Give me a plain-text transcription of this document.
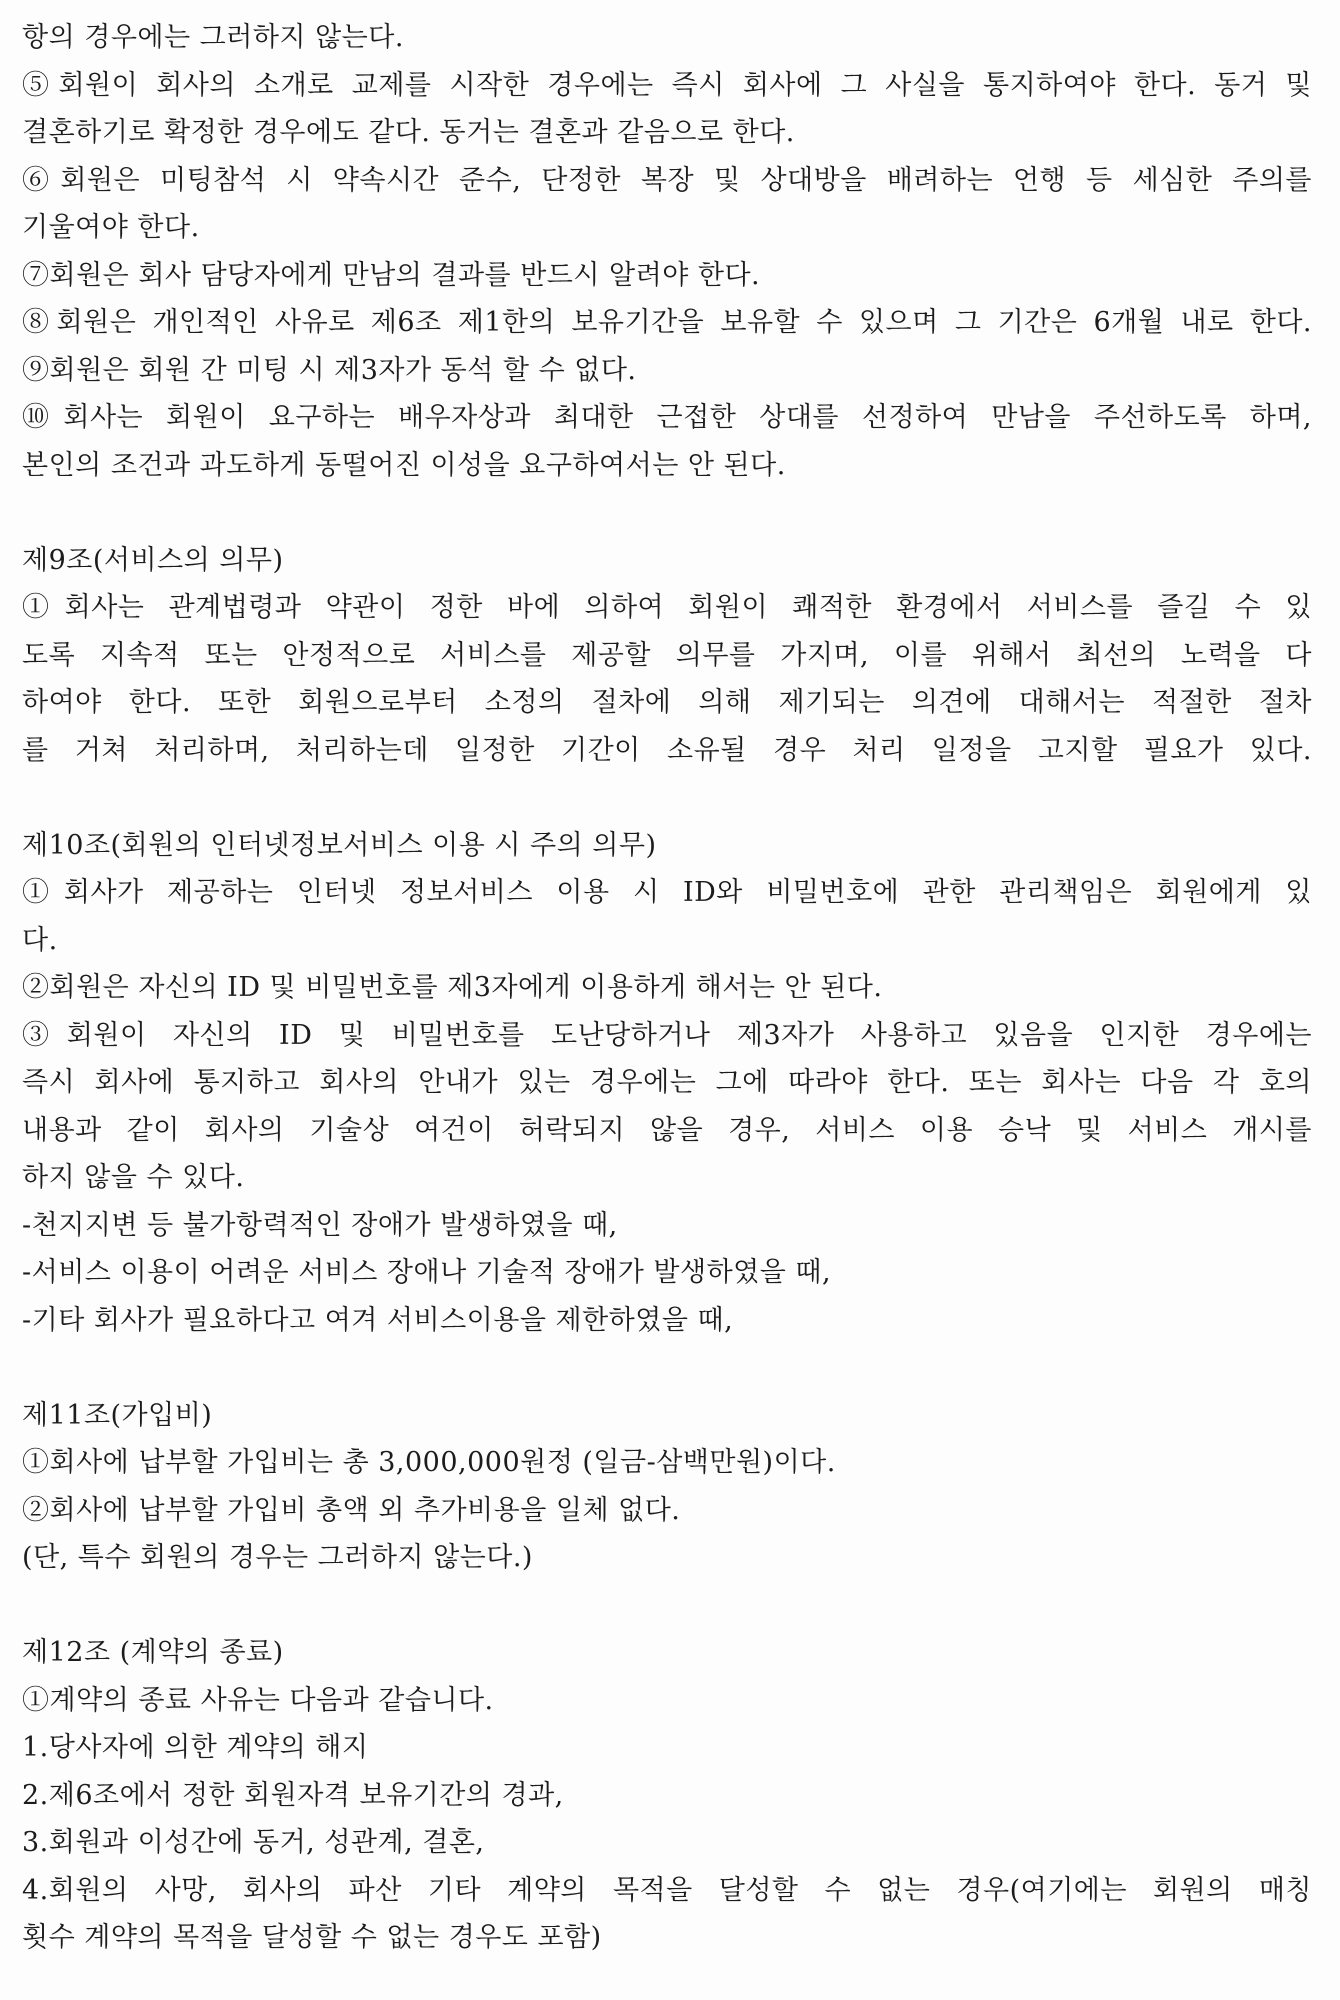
항의 경우에는 그러하지 않는다.
⑤회원이 회사의 소개로 교제를 시작한 경우에는 즉시 회사에 그 사실을 통지하여야 한다. 동거 및
결혼하기로 확정한 경우에도 같다. 동거는 결혼과 같음으로 한다.
⑥회원은 미팅참석 시 약속시간 준수, 단정한 복장 및 상대방을 배려하는 언행 등 세심한 주의를
기울여야 한다.
⑦회원은 회사 담당자에게 만남의 결과를 반드시 알려야 한다.
⑧회원은 개인적인 사유로 제6조 제1한의 보유기간을 보유할 수 있으며 그 기간은 6개월 내로 한다.
⑨회원은 회원 간 미팅 시 제3자가 동석 할 수 없다.
⑩회사는 회원이 요구하는 배우자상과 최대한 근접한 상대를 선정하여 만남을 주선하도록 하며,
본인의 조건과 과도하게 동떨어진 이성을 요구하여서는 안 된다.
제9조(서비스의 의무)
①회사는 관계법령과 약관이 정한 바에 의하여 회원이 쾌적한 환경에서 서비스를 즐길 수 있
도록 지속적 또는 안정적으로 서비스를 제공할 의무를 가지며, 이를 위해서 최선의 노력을 다
하여야 한다. 또한 회원으로부터 소정의 절차에 의해 제기되는 의견에 대해서는 적절한 절차
를 거쳐 처리하며, 처리하는데 일정한 기간이 소유될 경우 처리 일정을 고지할 필요가 있다.
제10조(회원의 인터넷정보서비스 이용 시 주의 의무)
①회사가 제공하는 인터넷 정보서비스 이용 시 ID와 비밀번호에 관한 관리책임은 회원에게 있
다.
②회원은 자신의 ID 및 비밀번호를 제3자에게 이용하게 해서는 안 된다.
③회원이 자신의 ID 및 비밀번호를 도난당하거나 제3자가 사용하고 있음을 인지한 경우에는
즉시 회사에 통지하고 회사의 안내가 있는 경우에는 그에 따라야 한다. 또는 회사는 다음 각 호의
내용과 같이 회사의 기술상 여건이 허락되지 않을 경우, 서비스 이용 승낙 및 서비스 개시를
하지 않을 수 있다.
-천지지변 등 불가항력적인 장애가 발생하였을 때,
-서비스 이용이 어려운 서비스 장애나 기술적 장애가 발생하였을 때,
-기타 회사가 필요하다고 여겨 서비스이용을 제한하였을 때,
제11조(가입비)
①회사에 납부할 가입비는 총 3,000,000원정 (일금-삼백만원)이다.
②회사에 납부할 가입비 총액 외 추가비용을 일체 없다.
(단, 특수 회원의 경우는 그러하지 않는다.)
제12조 (계약의 종료)
①계약의 종료 사유는 다음과 같습니다.
1.당사자에 의한 계약의 해지
2.제6조에서 정한 회원자격 보유기간의 경과,
3.회원과 이성간에 동거, 성관계, 결혼,
4.회원의 사망, 회사의 파산 기타 계약의 목적을 달성할 수 없는 경우(여기에는 회원의 매칭
횟수 계약의 목적을 달성할 수 없는 경우도 포함)
